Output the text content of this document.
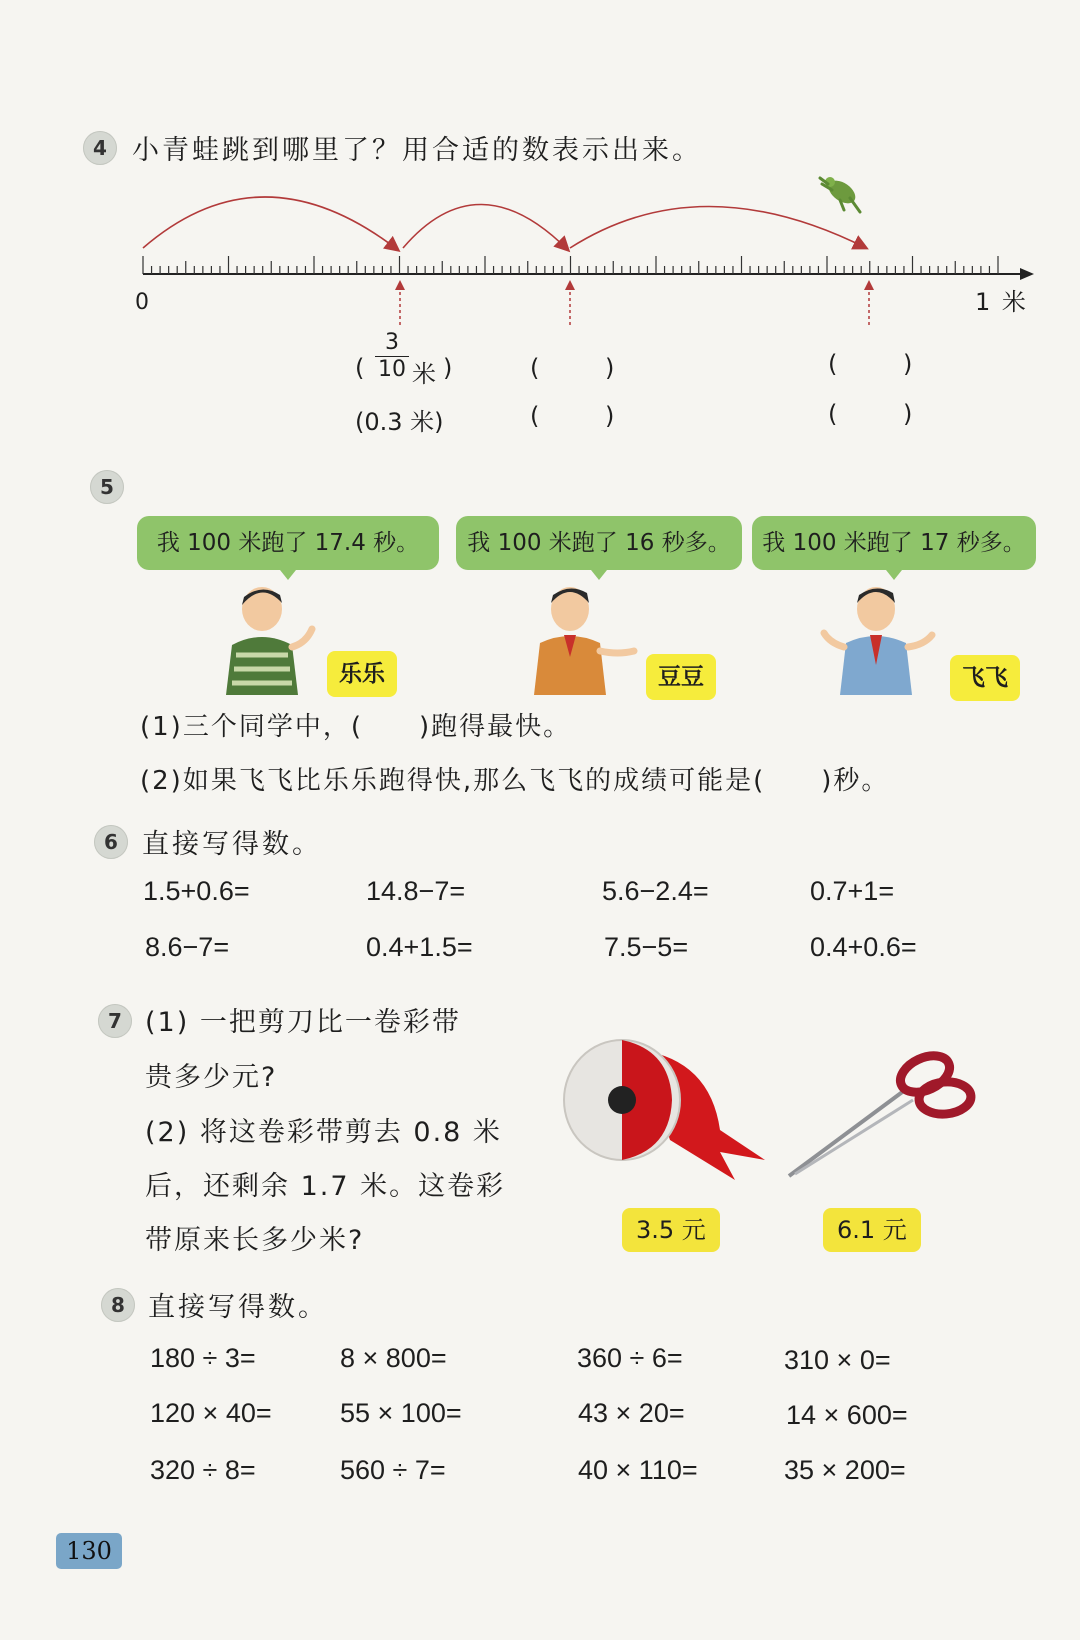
4 小青蛙跳到哪里了？用合适的数表示出来。
0	1 米
(
3
10 米 )	(	)	(	)
(0.3 米)	(	)	(	)
5
我 100 米跑了 17.4 秒。	我 100 米跑了 16 秒多。	我 100 米跑了 17 秒多。
乐乐	豆豆	飞飞
(1)三个同学中，(　　)跑得最快。
(2)如果飞飞比乐乐跑得快,那么飞飞的成绩可能是(　　)秒。
6 直接写得数。
1.5+0.6=	14.8−7=	5.6−2.4=	0.7+1=
8.6−7=	0.4+1.5=	7.5−5=	0.4+0.6=
7 (1) 一把剪刀比一卷彩带
贵多少元?
(2) 将这卷彩带剪去 0.8 米
后，还剩余 1.7 米。这卷彩
带原来长多少米?	3.5 元	6.1 元
8 直接写得数。
180 ÷ 3=	8 × 800=	360 ÷ 6=	310 × 0=
120 × 40=	55 × 100=	43 × 20=	14 × 600=
320 ÷ 8=	560 ÷ 7=	40 × 110=	35 × 200=
130
